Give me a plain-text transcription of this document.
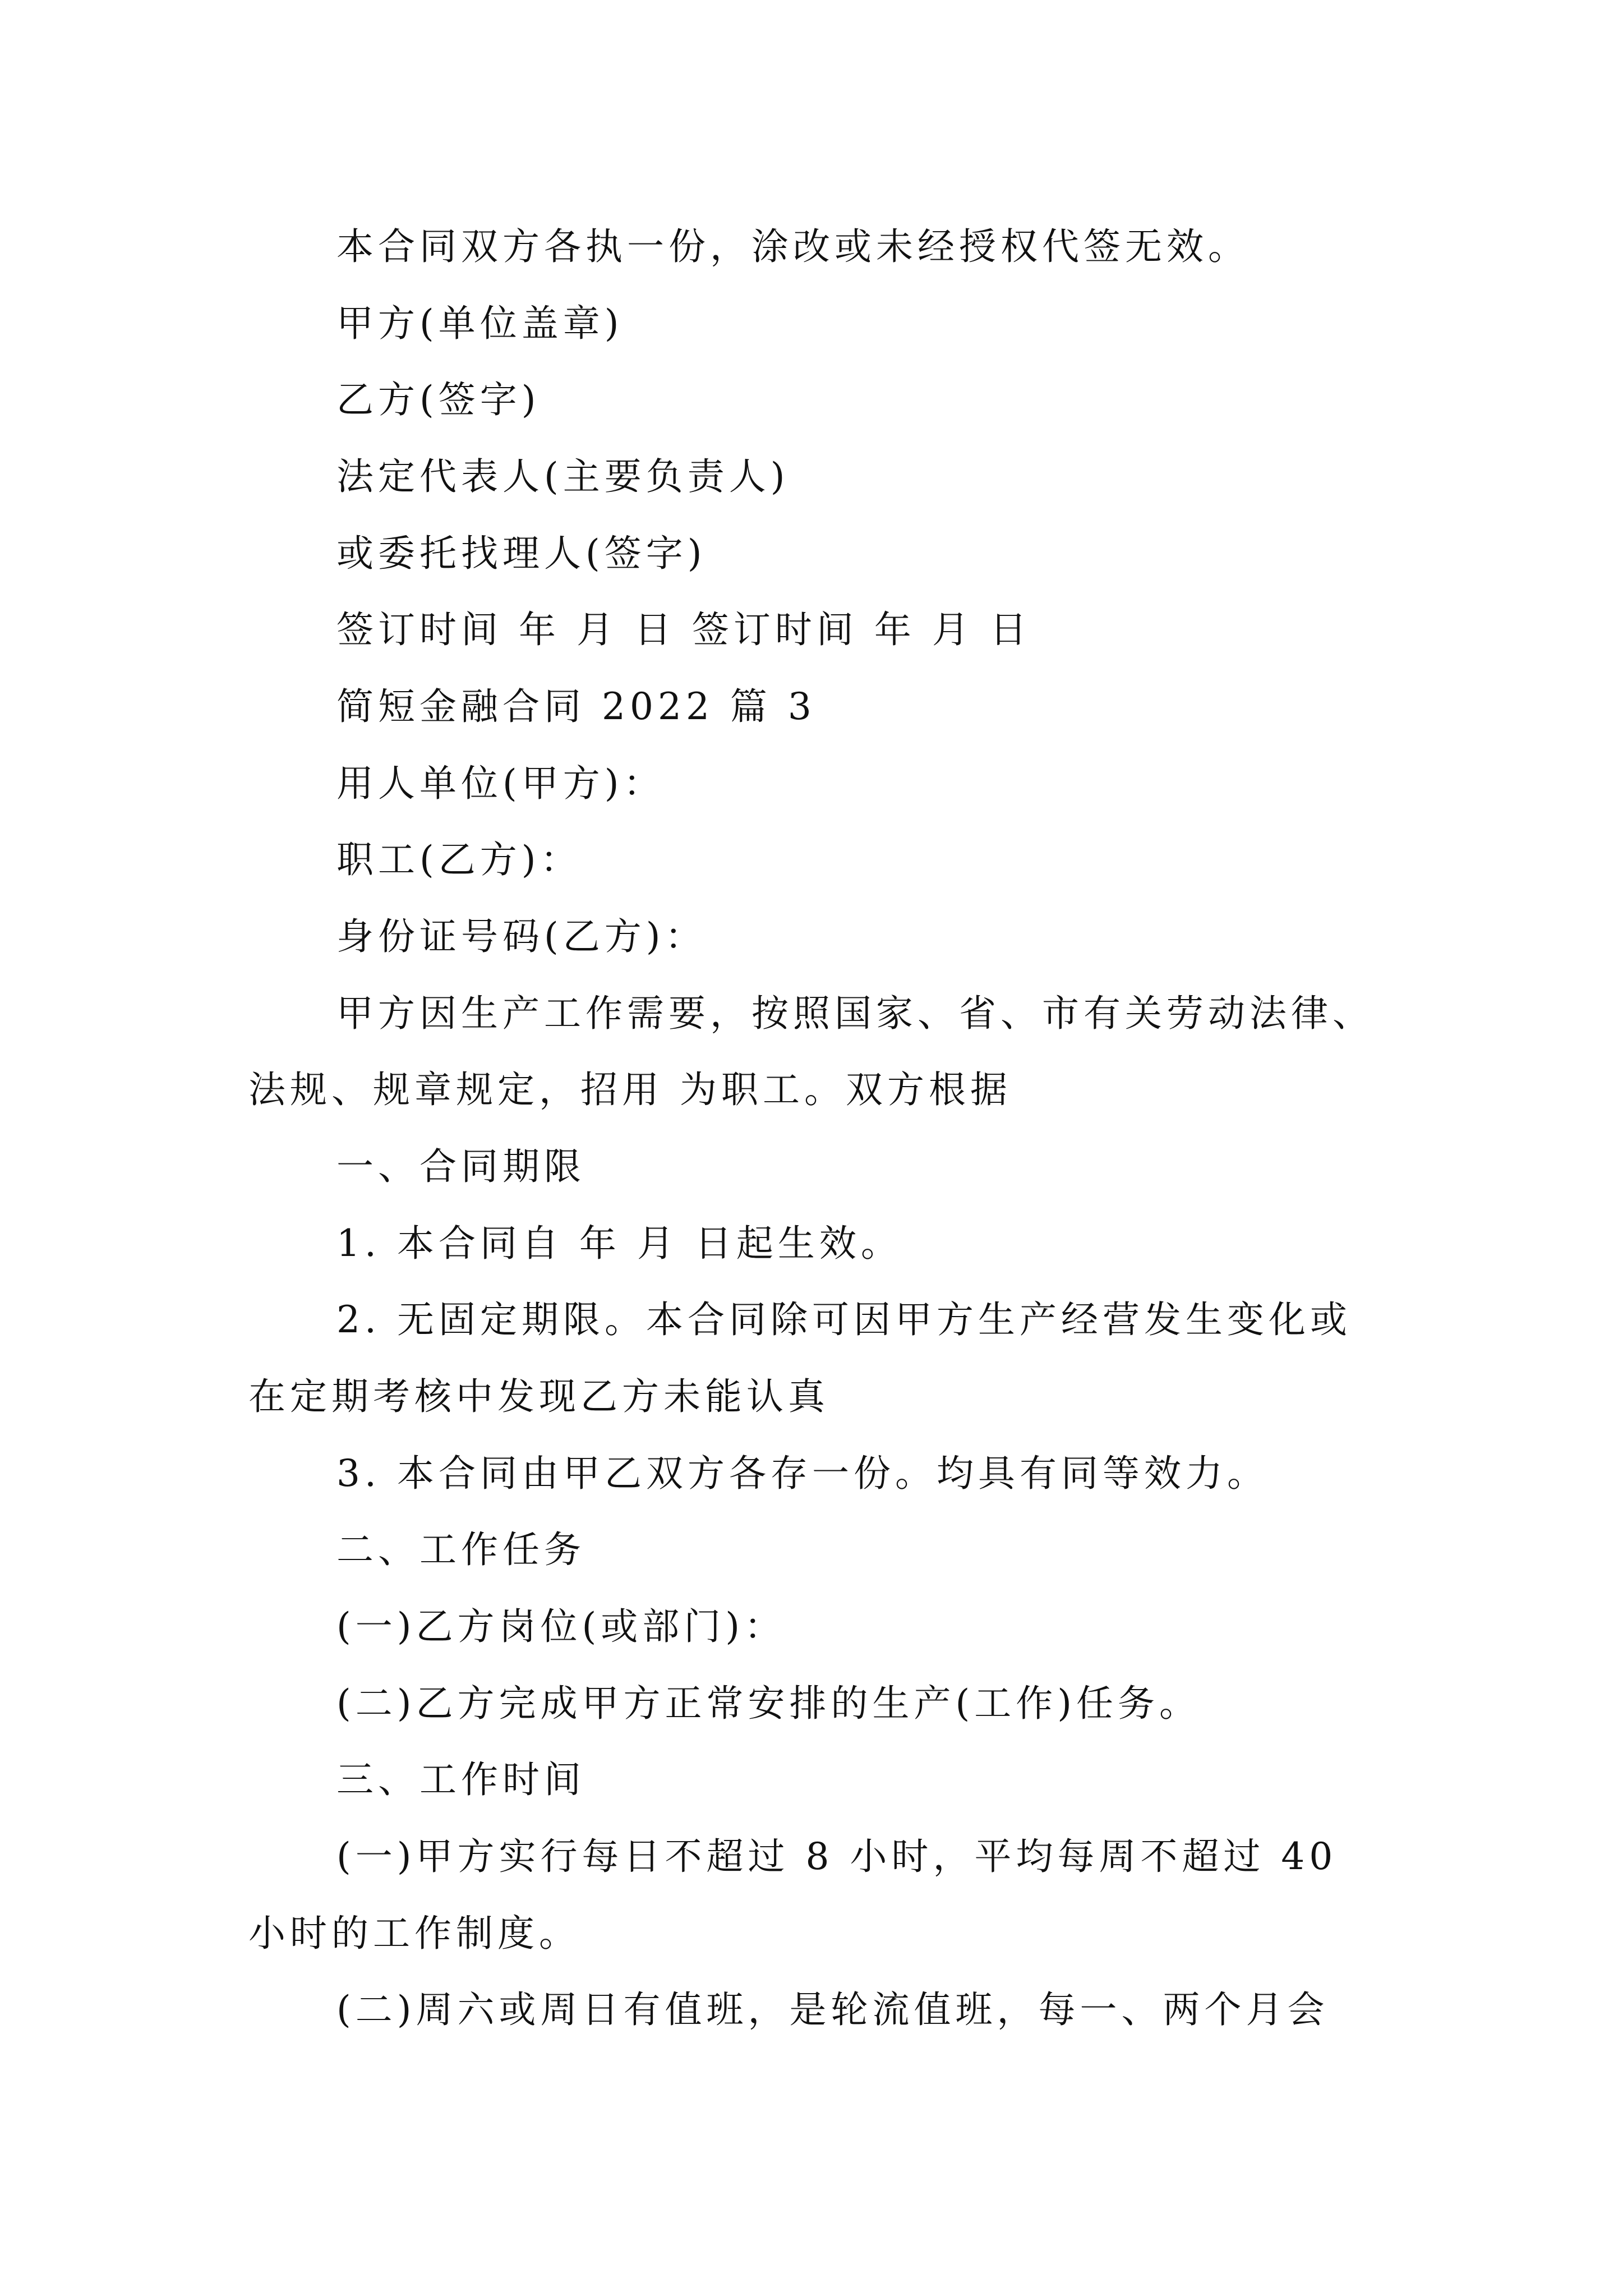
本合同双方各执一份，涂改或未经授权代签无效。
甲方(单位盖章)
乙方(签字)
法定代表人(主要负责人)
或委托找理人(签字)
签订时间 年 月 日 签订时间 年 月 日
简短金融合同 2022 篇 3
用人单位(甲方)：
职工(乙方)：
身份证号码(乙方)：
甲方因生产工作需要，按照国家、省、市有关劳动法律、
法规、规章规定，招用 为职工。双方根据
一、合同期限
1. 本合同自 年 月 日起生效。
2. 无固定期限。本合同除可因甲方生产经营发生变化或
在定期考核中发现乙方未能认真
3. 本合同由甲乙双方各存一份。均具有同等效力。
二、工作任务
(一)乙方岗位(或部门)：
(二)乙方完成甲方正常安排的生产(工作)任务。
三、工作时间
(一)甲方实行每日不超过 8 小时，平均每周不超过 40
小时的工作制度。
(二)周六或周日有值班，是轮流值班，每一、两个月会
